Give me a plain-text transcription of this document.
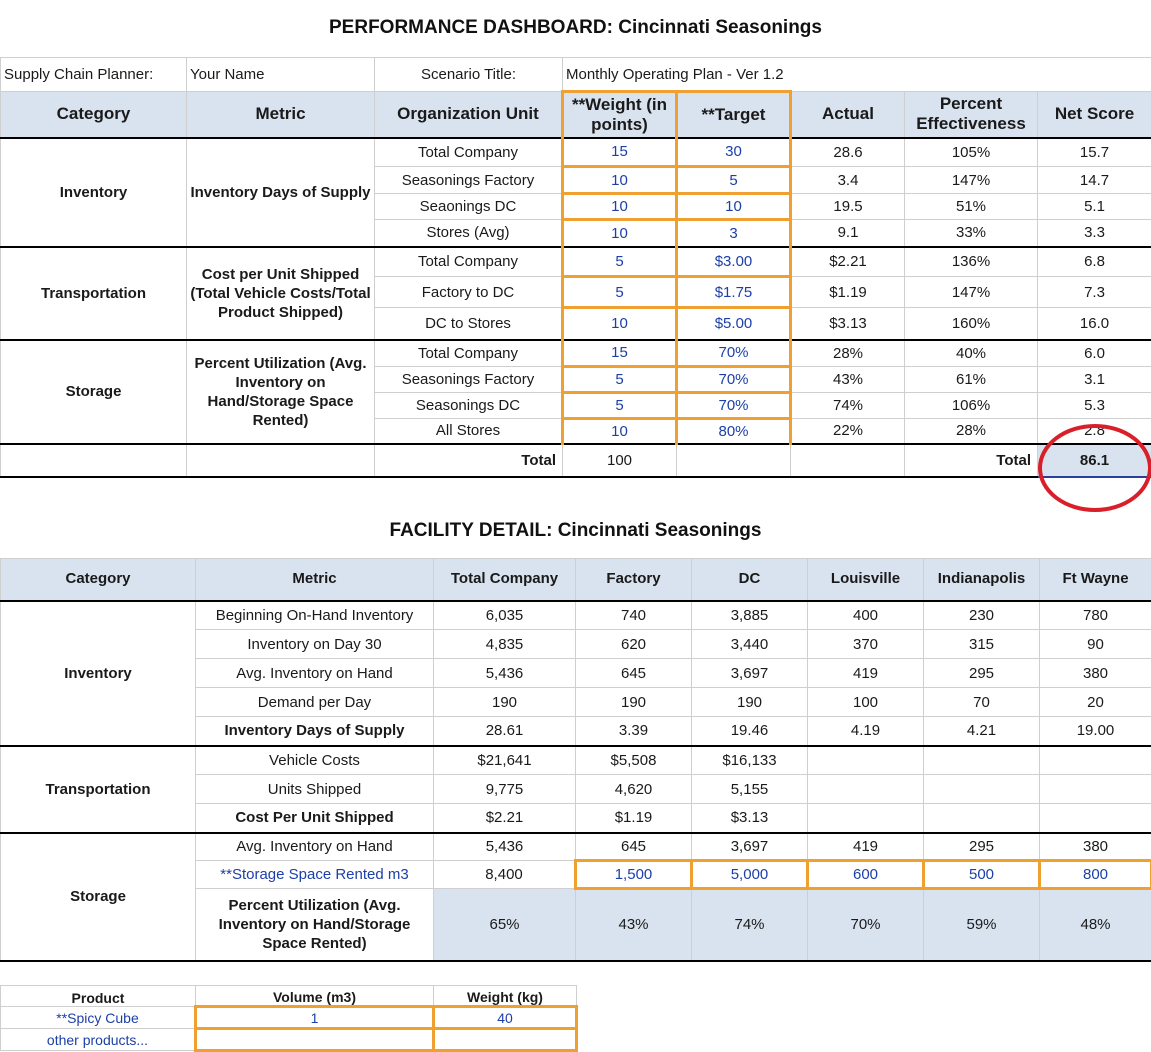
PERFORMANCE DASHBOARD: Cincinnati Seasonings
Supply Chain Planner:	Your Name	Scenario Title:	Monthly Operating Plan - Ver 1.2				
Category	Metric	Organization Unit	**Weight (in points)	**Target	Actual	Percent Effectiveness	Net Score
Inventory	Inventory Days of Supply	Total Company	15	30	28.6	105%	15.7
		Seasonings Factory	10	5	3.4	147%	14.7
		Seaonings DC	10	10	19.5	51%	5.1
		Stores (Avg)	10	3	9.1	33%	3.3
Transportation	Cost per Unit Shipped (Total Vehicle Costs/Total Product Shipped)	Total Company	5	$3.00	$2.21	136%	6.8
		Factory to DC	5	$1.75	$1.19	147%	7.3
		DC to Stores	10	$5.00	$3.13	160%	16.0
Storage	Percent Utilization (Avg. Inventory on Hand/Storage Space Rented)	Total Company	15	70%	28%	40%	6.0
		Seasonings Factory	5	70%	43%	61%	3.1
		Seasonings DC	5	70%	74%	106%	5.3
		All Stores	10	80%	22%	28%	2.8
		Total	100			Total	86.1
FACILITY DETAIL: Cincinnati Seasonings
Category	Metric	Total Company	Factory	DC	Louisville	Indianapolis	Ft Wayne
Inventory	Beginning On-Hand Inventory	6,035	740	3,885	400	230	780
	Inventory on Day 30	4,835	620	3,440	370	315	90
	Avg. Inventory on Hand	5,436	645	3,697	419	295	380
	Demand per Day	190	190	190	100	70	20
	Inventory Days of Supply	28.61	3.39	19.46	4.19	4.21	19.00
Transportation	Vehicle Costs	$21,641	$5,508	$16,133			
	Units Shipped	9,775	4,620	5,155			
	Cost Per Unit Shipped	$2.21	$1.19	$3.13			
Storage	Avg. Inventory on Hand	5,436	645	3,697	419	295	380
	**Storage Space Rented m3	8,400	1,500	5,000	600	500	800
	Percent Utilization (Avg. Inventory on Hand/Storage Space Rented)	65%	43%	74%	70%	59%	48%
Product	Volume (m3)	Weight (kg)
**Spicy Cube	1	40
other products...		
